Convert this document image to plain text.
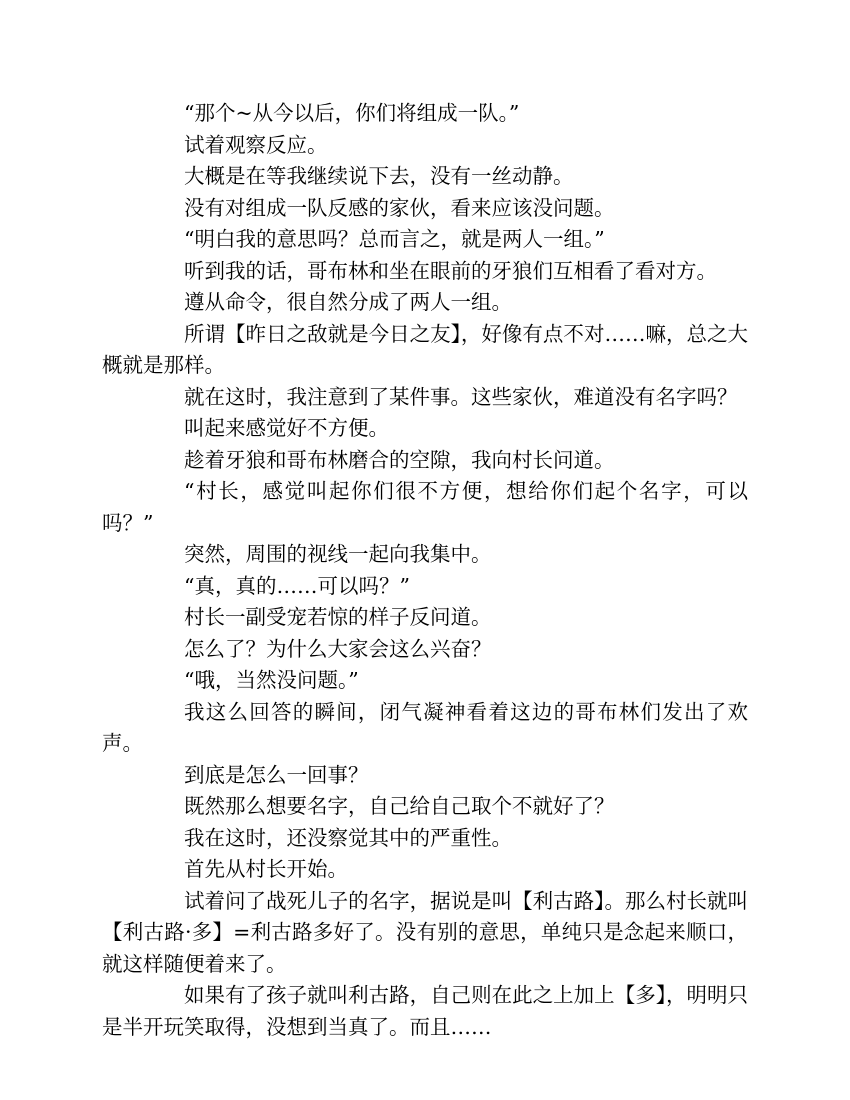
“那个~从今以后，你们将组成一队。”

试着观察反应。

大概是在等我继续说下去，没有一丝动静。

没有对组成一队反感的家伙，看来应该没问题。

“明白我的意思吗？总而言之，就是两人一组。”

听到我的话，哥布林和坐在眼前的牙狼们互相看了看对方。

遵从命令，很自然分成了两人一组。

所谓【昨日之敌就是今日之友】，好像有点不对……嘛，总之大概就是那样。

就在这时，我注意到了某件事。这些家伙，难道没有名字吗？

叫起来感觉好不方便。

趁着牙狼和哥布林磨合的空隙，我向村长问道。

“村长，感觉叫起你们很不方便，想给你们起个名字，可以吗？”

突然，周围的视线一起向我集中。

“真，真的……可以吗？”

村长一副受宠若惊的样子反问道。

怎么了？为什么大家会这么兴奋？

“哦，当然没问题。”

我这么回答的瞬间，闭气凝神看着这边的哥布林们发出了欢声。

到底是怎么一回事？

既然那么想要名字，自己给自己取个不就好了？

我在这时，还没察觉其中的严重性。

首先从村长开始。

试着问了战死儿子的名字，据说是叫【利古路】。那么村长就叫【利古路·多】=利古路多好了。没有别的意思，单纯只是念起来顺口，就这样随便着来了。

如果有了孩子就叫利古路，自己则在此之上加上【多】，明明只是半开玩笑取得，没想到当真了。而且……
